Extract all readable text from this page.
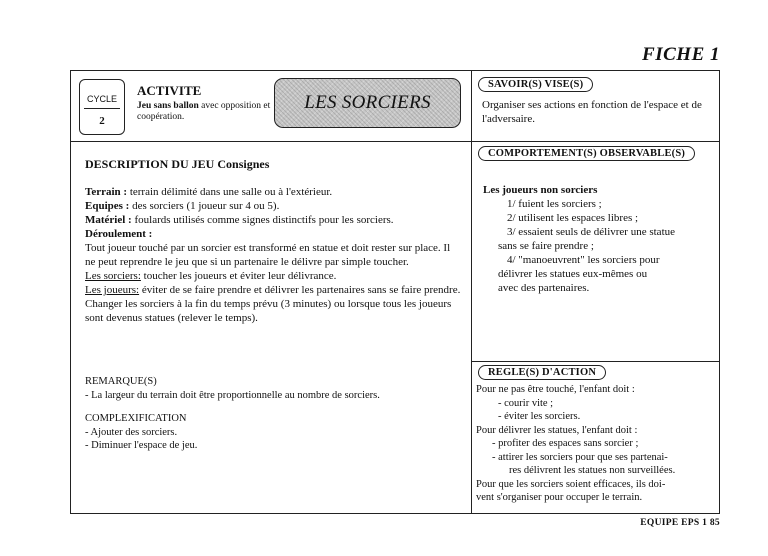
FICHE 1
CYCLE
2
ACTIVITE
Jeu sans ballon avec opposition et coopération.
LES SORCIERS
SAVOIR(S) VISE(S)
Organiser ses actions en fonction de l'espace et de l'adversaire.
DESCRIPTION DU JEU Consignes

Terrain : terrain délimité dans une salle ou à l'extérieur.

Equipes : des sorciers (1 joueur sur 4 ou 5).

Matériel : foulards utilisés comme signes distinctifs pour les sorciers.

Déroulement :

Tout joueur touché par un sorcier est transformé en statue et doit rester sur place. Il ne peut reprendre le jeu que si un partenaire le délivre par simple toucher.

Les sorciers: toucher les joueurs et éviter leur délivrance.

Les joueurs: éviter de se faire prendre et délivrer les partenaires sans se faire prendre.

Changer les sorciers à la fin du temps prévu (3 minutes) ou lorsque tous les joueurs sont devenus statues (relever le temps).

REMARQUE(S)

- La largeur du terrain doit être proportionnelle au nombre de sorciers.

COMPLEXIFICATION

- Ajouter des sorciers.

- Diminuer l'espace de jeu.

COMPORTEMENT(S) OBSERVABLE(S)

Les joueurs non sorciers

1/ fuient les sorciers ;

2/ utilisent les espaces libres ;

3/ essaient seuls de délivrer une statue

sans se faire prendre ;

4/ "manoeuvrent" les sorciers pour

délivrer les statues eux-mêmes ou

avec des partenaires.

REGLE(S) D'ACTION

Pour ne pas être touché, l'enfant doit :

- courir vite ;

- éviter les sorciers.

Pour délivrer les statues, l'enfant doit :

- profiter des espaces sans sorcier ;

- attirer les sorciers pour que ses partenai-

res délivrent les statues non surveillées.

Pour que les sorciers soient efficaces, ils doi-

vent s'organiser pour occuper le terrain.

EQUIPE EPS 1 85
